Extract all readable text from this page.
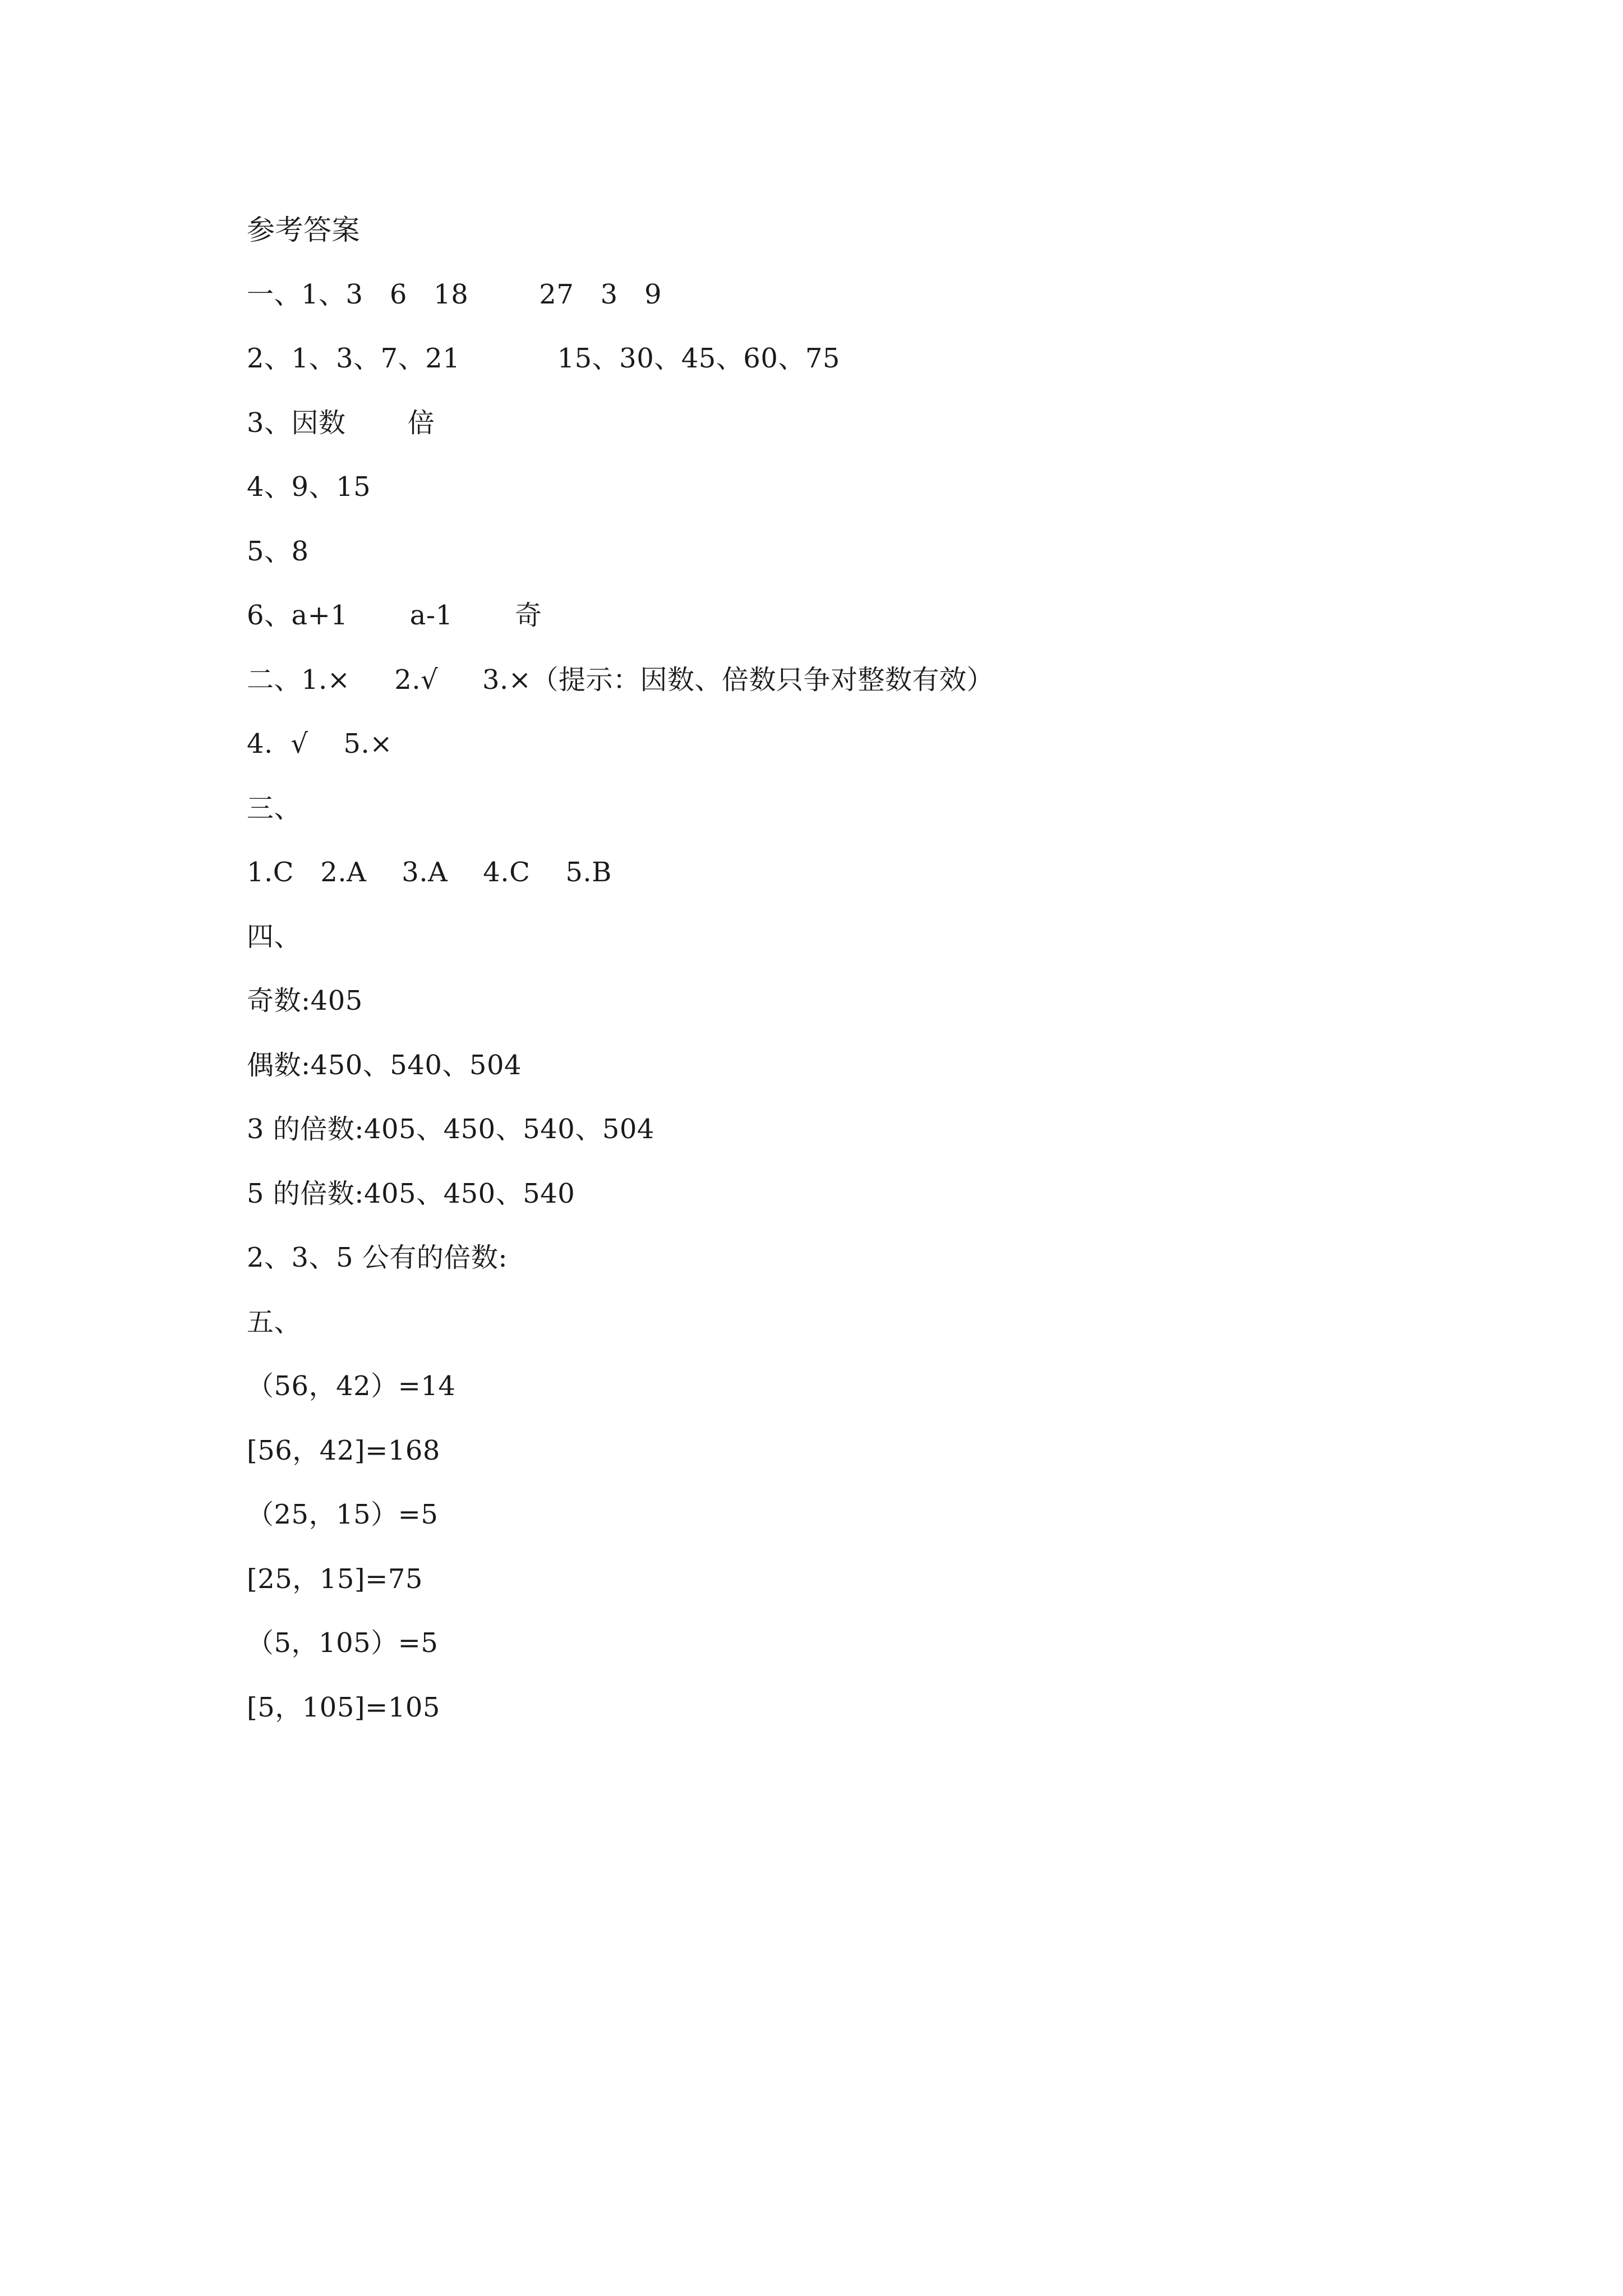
参考答案
一、1、3   6   18        27   3   9
2、1、3、7、21           15、30、45、60、75
3、因数       倍
4、9、15
5、8
6、a+1       a-1       奇
二、1.×     2.√     3.×（提示：因数、倍数只争对整数有效）
4.  √    5.×
三、
1.C   2.A    3.A    4.C    5.B
四、
奇数:405
偶数:450、540、504
3 的倍数:405、450、540、504
5 的倍数:405、450、540
2、3、5 公有的倍数:
五、
（56，42）=14
[56，42]=168
（25，15）=5
[25，15]=75
（5，105）=5
[5，105]=105
